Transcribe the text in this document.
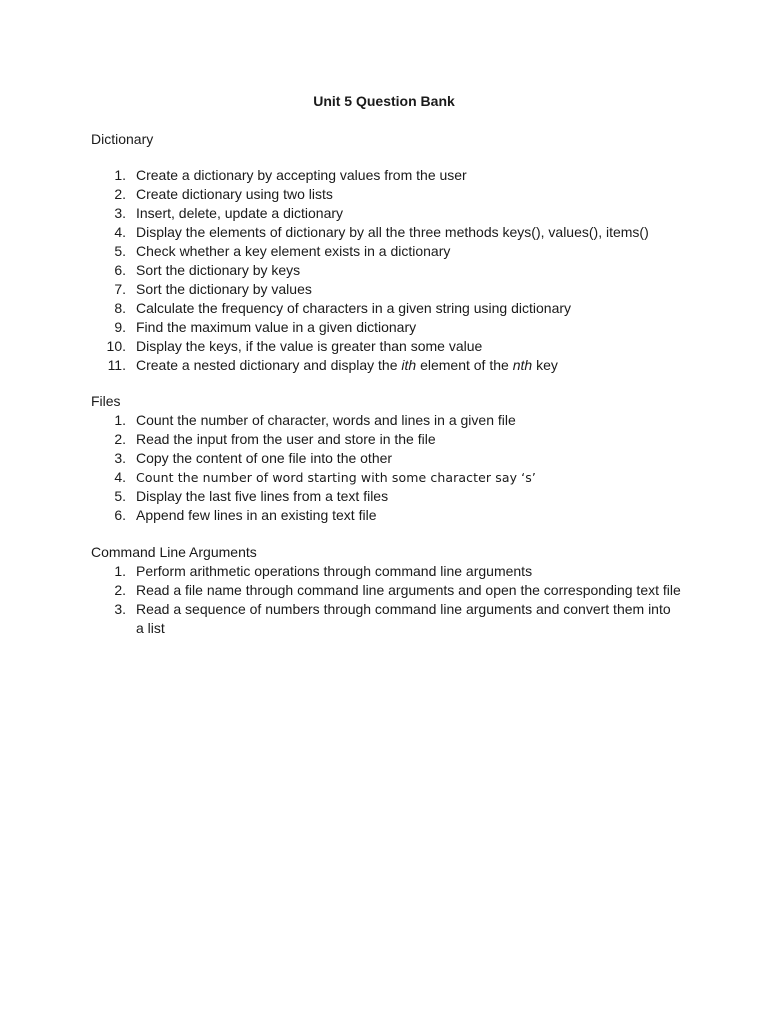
Unit 5 Question Bank
Dictionary
1. Create a dictionary by accepting values from the user
2. Create dictionary using two lists
3. Insert, delete, update a dictionary
4. Display the elements of dictionary by all the three methods keys(), values(), items()
5. Check whether a key element exists in a dictionary
6. Sort the dictionary by keys
7. Sort the dictionary by values
8. Calculate the frequency of characters in a given string using dictionary
9. Find the maximum value in a given dictionary
10. Display the keys, if the value is greater than some value
11. Create a nested dictionary and display the ith element of the nth key
Files
1. Count the number of character, words and lines in a given file
2. Read the input from the user and store in the file
3. Copy the content of one file into the other
4. Count the number of word starting with some character say ‘s’
5. Display the last five lines from a text files
6. Append few lines in an existing text file
Command Line Arguments
1. Perform arithmetic operations through command line arguments
2. Read a file name through command line arguments and open the corresponding text file
3. Read a sequence of numbers through command line arguments and convert them into a list
